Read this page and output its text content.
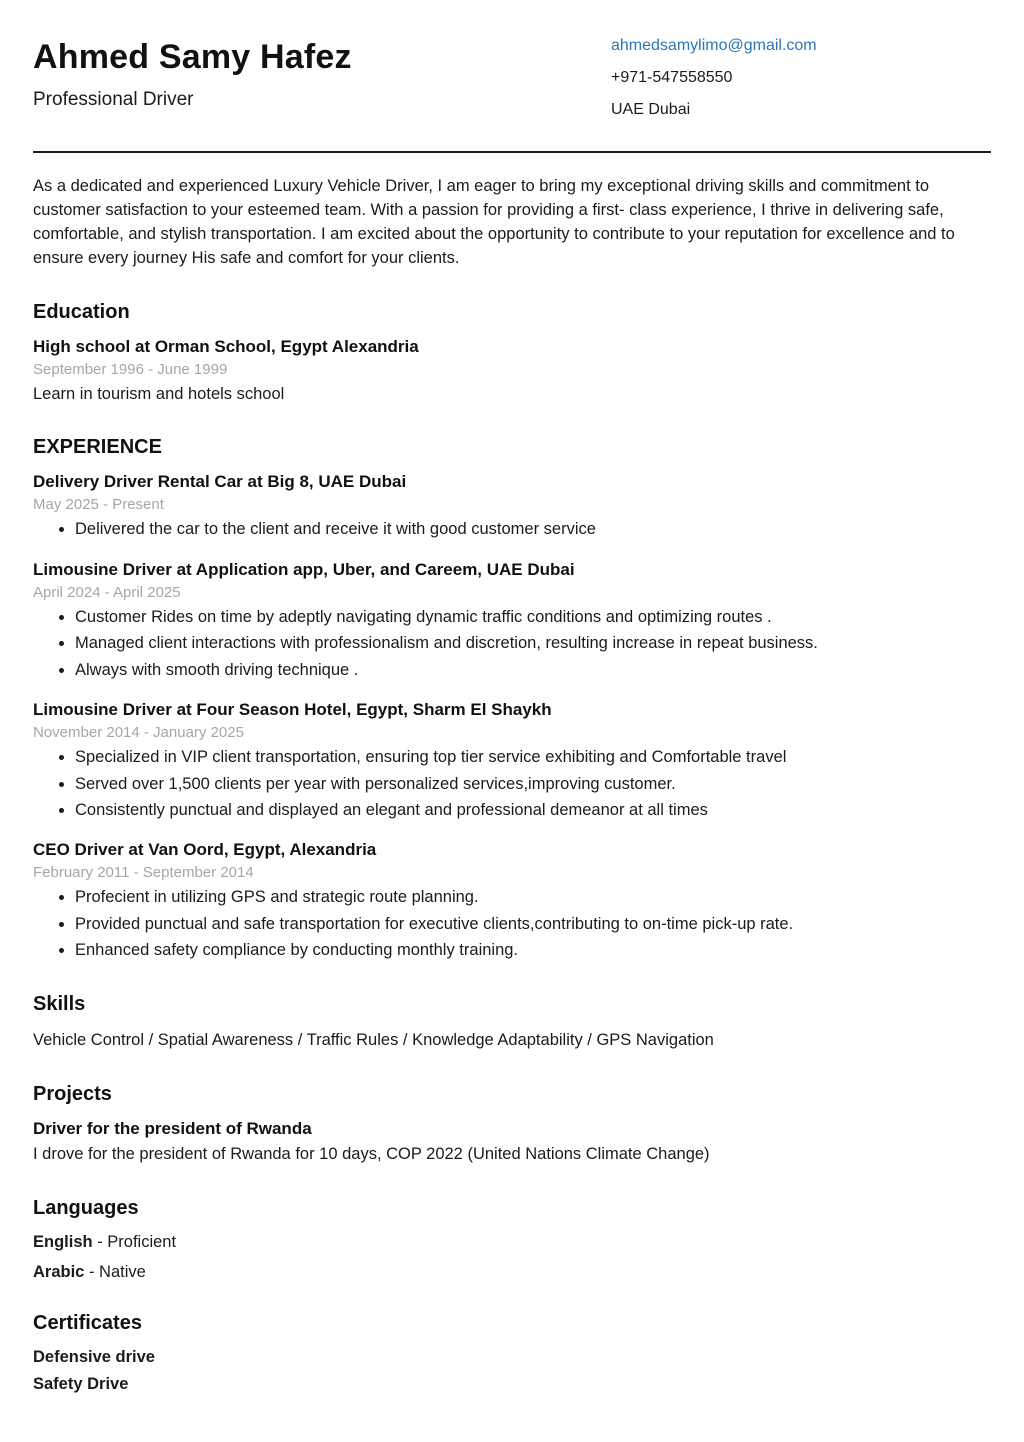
Ahmed Samy Hafez

Professional Driver

ahmedsamylimo@gmail.com

+971-547558550

UAE Dubai

As a dedicated and experienced Luxury Vehicle Driver, I am eager to bring my exceptional driving skills and commitment to customer satisfaction to your esteemed team. With a passion for providing a first- class experience, I thrive in delivering safe, comfortable, and stylish transportation. I am excited about the opportunity to contribute to your reputation for excellence and to ensure every journey His safe and comfort for your clients.

Education

High school at Orman School, Egypt Alexandria

September 1996 - June 1999

Learn in tourism and hotels school

EXPERIENCE

Delivery Driver Rental Car at Big 8, UAE Dubai

May 2025 - Present

• Delivered the car to the client and receive it with good customer service

Limousine Driver at Application app, Uber, and Careem, UAE Dubai

April 2024 - April 2025

• Customer Rides on time by adeptly navigating dynamic traffic conditions and optimizing routes .
• Managed client interactions with professionalism and discretion, resulting increase in repeat business.
• Always with smooth driving technique .

Limousine Driver at Four Season Hotel, Egypt, Sharm El Shaykh

November 2014 - January 2025

• Specialized in VIP client transportation, ensuring top tier service exhibiting and Comfortable travel
• Served over 1,500 clients per year with personalized services,improving customer.
• Consistently punctual and displayed an elegant and professional demeanor at all times

CEO Driver at Van Oord, Egypt, Alexandria

February 2011 - September 2014

• Profecient in utilizing GPS and strategic route planning.
• Provided punctual and safe transportation for executive clients,contributing to on-time pick-up rate.
• Enhanced safety compliance by conducting monthly training.
Skills

Vehicle Control / Spatial Awareness / Traffic Rules / Knowledge Adaptability / GPS Navigation

Projects

Driver for the president of Rwanda

I drove for the president of Rwanda for 10 days, COP 2022 (United Nations Climate Change)

Languages

English - Proficient

Arabic - Native

Certificates

Defensive drive

Safety Drive
